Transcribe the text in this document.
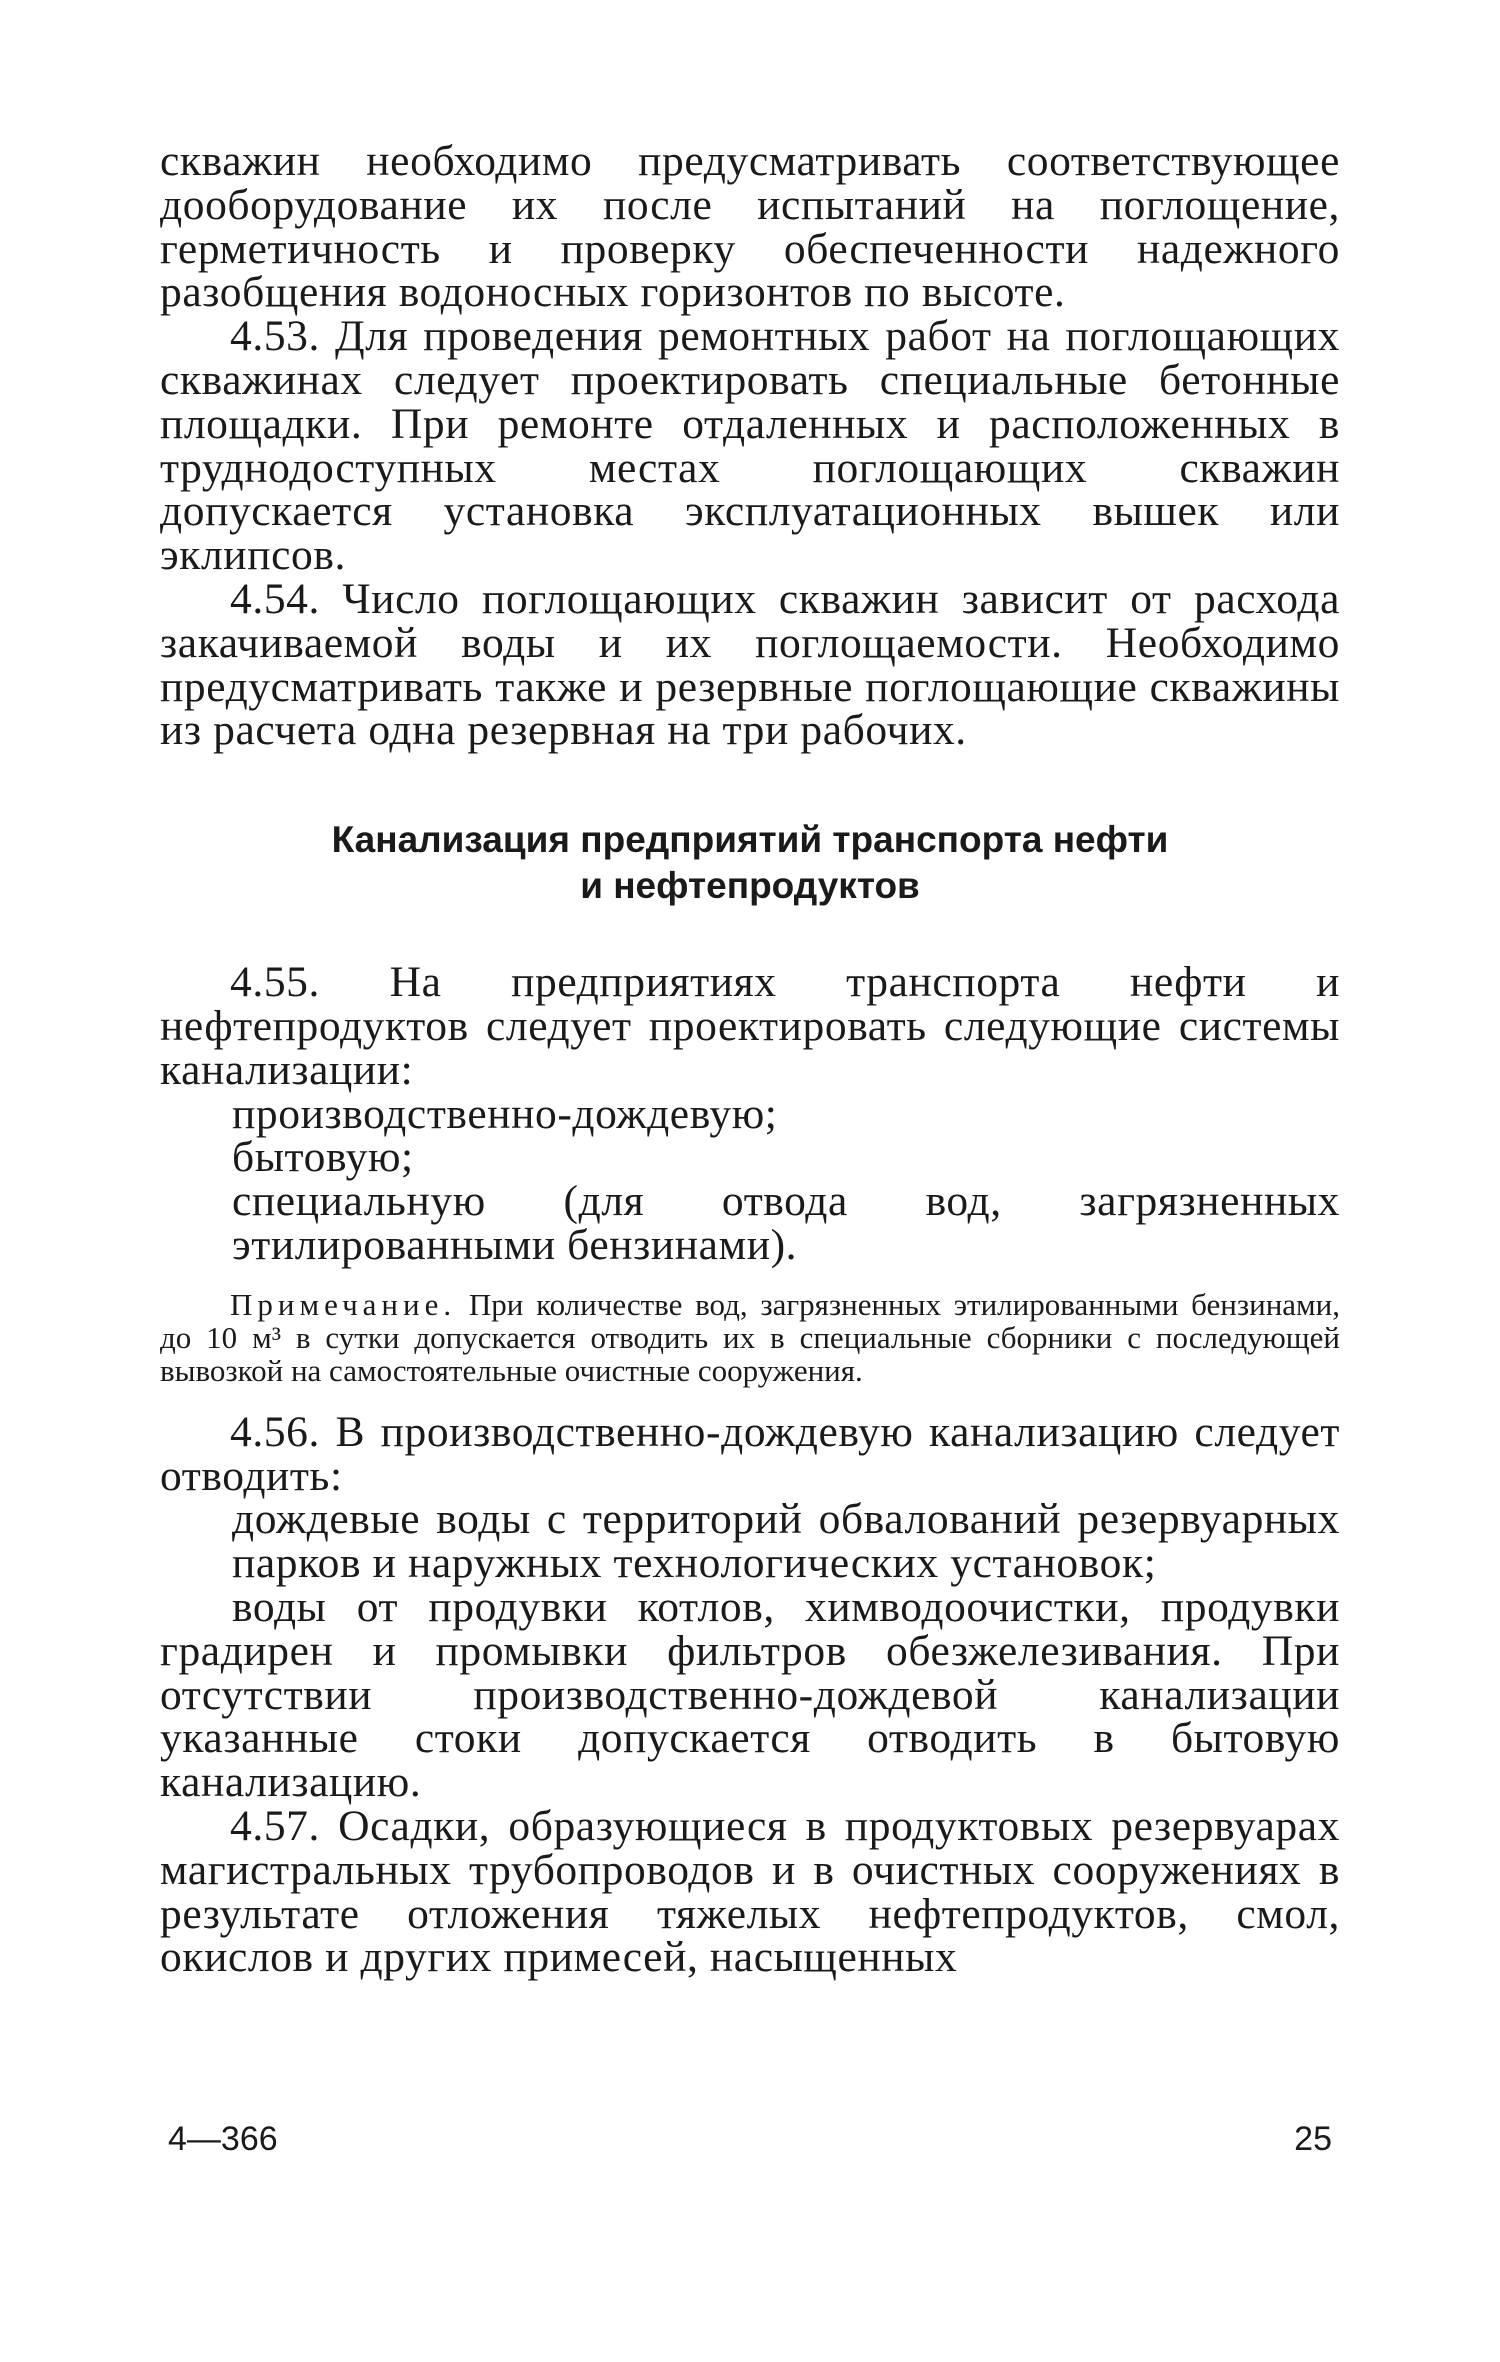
скважин необходимо предусматривать соответствующее дооборудование их после испытаний на поглощение, герметичность и проверку обеспеченности надежного разобщения водоносных горизонтов по высоте.

4.53. Для проведения ремонтных работ на поглощающих скважинах следует проектировать специальные бетонные площадки. При ремонте отдаленных и расположенных в труднодоступных местах поглощающих скважин допускается установка эксплуатационных вышек или эклипсов.

4.54. Число поглощающих скважин зависит от расхода закачиваемой воды и их поглощаемости. Необходимо предусматривать также и резервные поглощающие скважины из расчета одна резервная на три рабочих.

Канализация предприятий транспорта нефти
и нефтепродуктов

4.55. На предприятиях транспорта нефти и нефтепродуктов следует проектировать следующие системы канализации:

производственно-дождевую;

бытовую;

специальную (для отвода вод, загрязненных этилированными бензинами).

Примечание. При количестве вод, загрязненных этилированными бензинами, до 10 м³ в сутки допускается отводить их в специальные сборники с последующей вывозкой на самостоятельные очистные сооружения.

4.56. В производственно-дождевую канализацию следует отводить:

дождевые воды с территорий обвалований резервуарных парков и наружных технологических установок;

воды от продувки котлов, химводоочистки, продувки градирен и промывки фильтров обезжелезивания. При отсутствии производственно-дождевой канализации указанные стоки допускается отводить в бытовую канализацию.

4.57. Осадки, образующиеся в продуктовых резервуарах магистральных трубопроводов и в очистных сооружениях в результате отложения тяжелых нефтепродуктов, смол, окислов и других примесей, насыщенных

4—366	25
